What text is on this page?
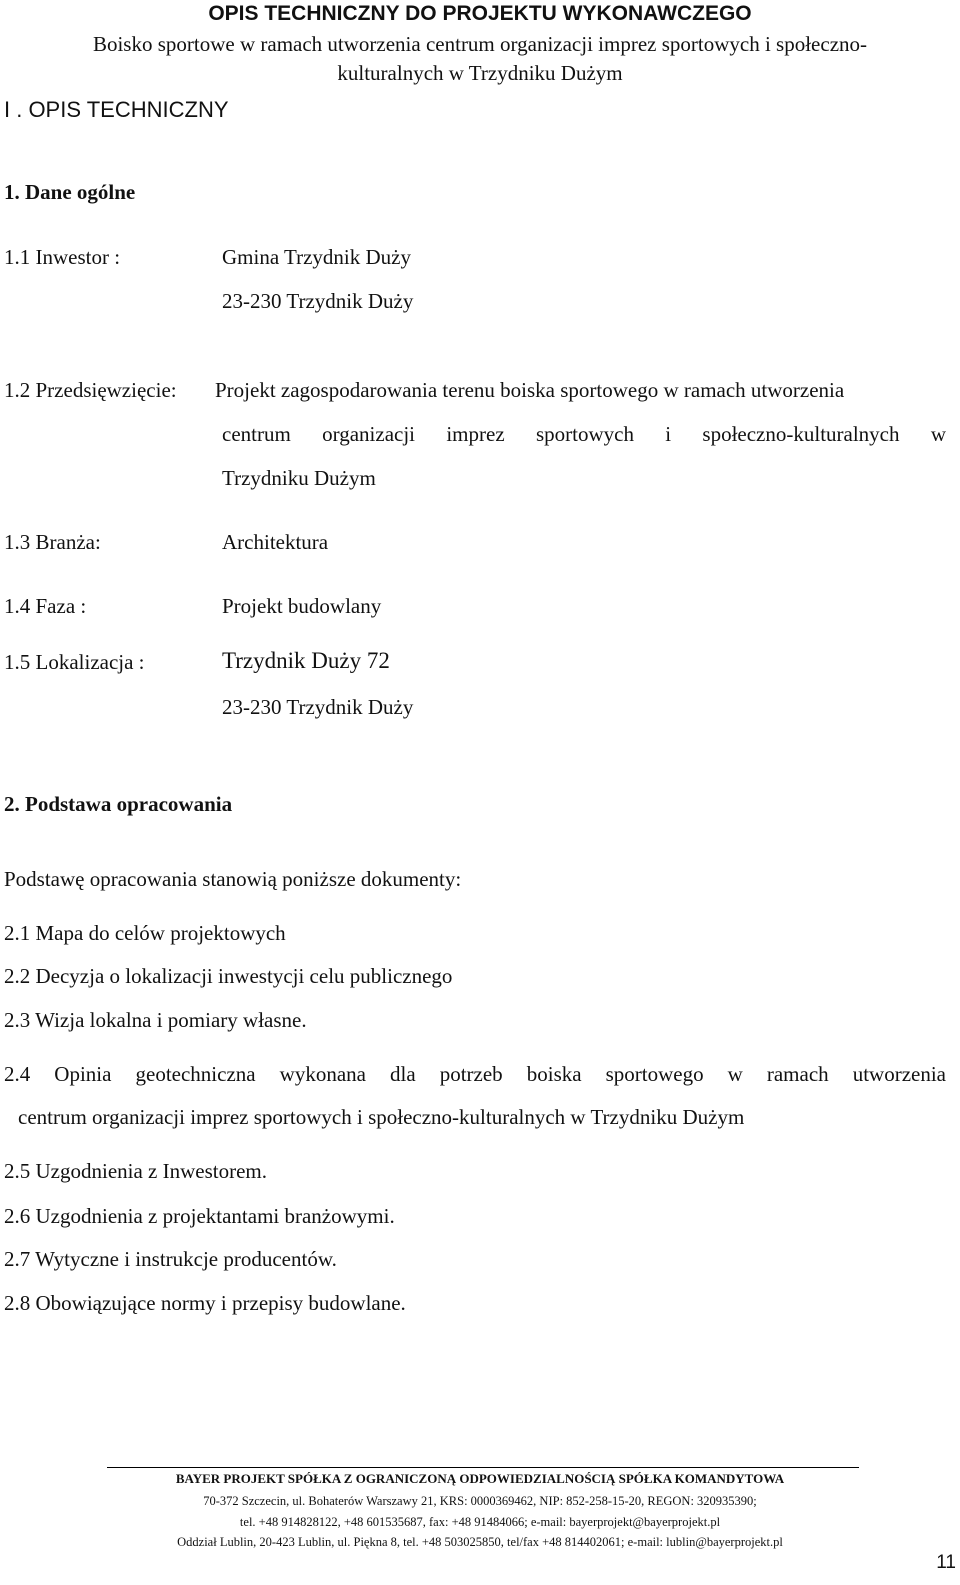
OPIS TECHNICZNY DO PROJEKTU WYKONAWCZEGO
Boisko sportowe w ramach utworzenia centrum organizacji imprez sportowych i społeczno-
kulturalnych w Trzydniku Dużym
I . OPIS TECHNICZNY
1. Dane ogólne
1.1 Inwestor :	Gmina Trzydnik Duży
23-230 Trzydnik Duży
1.2 Przedsięwzięcie: Projekt zagospodarowania terenu boiska sportowego w ramach utworzenia
centrum organizacji imprez sportowych i społeczno-kulturalnych w
Trzydniku Dużym
1.3 Branża:	Architektura
1.4 Faza :	Projekt budowlany
1.5 Lokalizacja :	Trzydnik Duży 72
23-230 Trzydnik Duży
2. Podstawa opracowania
Podstawę opracowania stanowią poniższe dokumenty:
2.1 Mapa do celów projektowych
2.2 Decyzja o lokalizacji inwestycji celu publicznego
2.3 Wizja lokalna i pomiary własne.
2.4 Opinia geotechniczna wykonana dla potrzeb boiska sportowego w ramach utworzenia
centrum organizacji imprez sportowych i społeczno-kulturalnych w Trzydniku Dużym
2.5 Uzgodnienia z Inwestorem.
2.6 Uzgodnienia z projektantami branżowymi.
2.7 Wytyczne i instrukcje producentów.
2.8 Obowiązujące normy i przepisy budowlane.
BAYER PROJEKT SPÓŁKA Z OGRANICZONĄ ODPOWIEDZIALNOŚCIĄ SPÓŁKA KOMANDYTOWA
70-372 Szczecin, ul. Bohaterów Warszawy 21, KRS: 0000369462, NIP: 852-258-15-20, REGON: 320935390;
tel. +48 914828122, +48 601535687, fax: +48 91484066; e-mail: bayerprojekt@bayerprojekt.pl
Oddział Lublin, 20-423 Lublin, ul. Piękna 8, tel. +48 503025850, tel/fax +48 814402061; e-mail: lublin@bayerprojekt.pl
11
